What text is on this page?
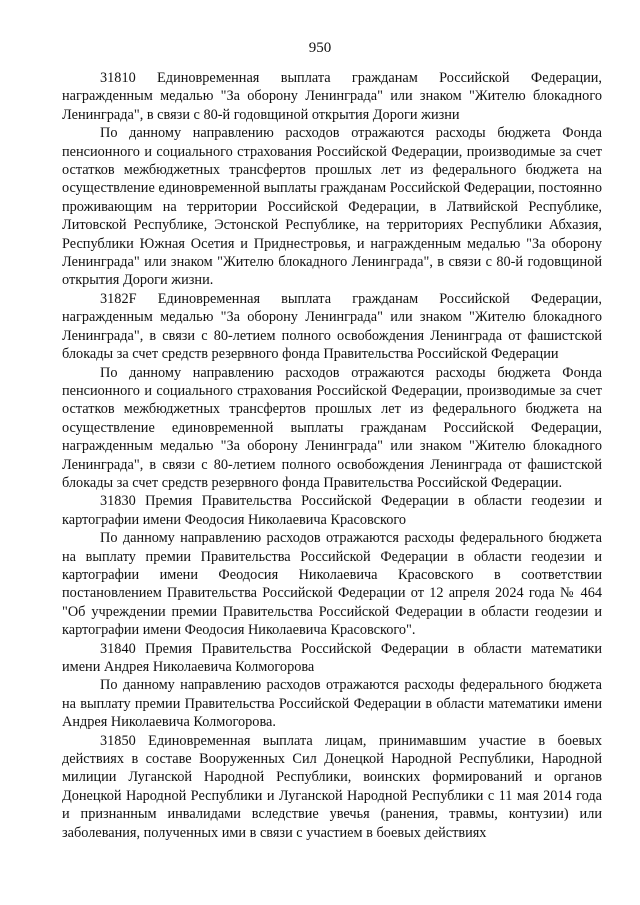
950

31810 Единовременная выплата гражданам Российской Федерации, награжденным медалью "За оборону Ленинграда" или знаком "Жителю блокадного Ленинграда", в связи с 80-й годовщиной открытия Дороги жизни

По данному направлению расходов отражаются расходы бюджета Фонда пенсионного и социального страхования Российской Федерации, производимые за счет остатков межбюджетных трансфертов прошлых лет из федерального бюджета на осуществление единовременной выплаты гражданам Российской Федерации, постоянно проживающим на территории Российской Федерации, в Латвийской Республике, Литовской Республике, Эстонской Республике, на территориях Республики Абхазия, Республики Южная Осетия и Приднестровья, и награжденным медалью "За оборону Ленинграда" или знаком "Жителю блокадного Ленинграда", в связи с 80-й годовщиной открытия Дороги жизни.

3182F Единовременная выплата гражданам Российской Федерации, награжденным медалью "За оборону Ленинграда" или знаком "Жителю блокадного Ленинграда", в связи с 80-летием полного освобождения Ленинграда от фашистской блокады за счет средств резервного фонда Правительства Российской Федерации

По данному направлению расходов отражаются расходы бюджета Фонда пенсионного и социального страхования Российской Федерации, производимые за счет остатков межбюджетных трансфертов прошлых лет из федерального бюджета на осуществление единовременной выплаты гражданам Российской Федерации, награжденным медалью "За оборону Ленинграда" или знаком "Жителю блокадного Ленинграда", в связи с 80-летием полного освобождения Ленинграда от фашистской блокады за счет средств резервного фонда Правительства Российской Федерации.

31830 Премия Правительства Российской Федерации в области геодезии и картографии имени Феодосия Николаевича Красовского

По данному направлению расходов отражаются расходы федерального бюджета на выплату премии Правительства Российской Федерации в области геодезии и картографии имени Феодосия Николаевича Красовского в соответствии постановлением Правительства Российской Федерации от 12 апреля 2024 года № 464 "Об учреждении премии Правительства Российской Федерации в области геодезии и картографии имени Феодосия Николаевича Красовского".

31840 Премия Правительства Российской Федерации в области математики имени Андрея Николаевича Колмогорова

По данному направлению расходов отражаются расходы федерального бюджета на выплату премии Правительства Российской Федерации в области математики имени Андрея Николаевича Колмогорова.

31850 Единовременная выплата лицам, принимавшим участие в боевых действиях в составе Вооруженных Сил Донецкой Народной Республики, Народной милиции Луганской Народной Республики, воинских формирований и органов Донецкой Народной Республики и Луганской Народной Республики с 11 мая 2014 года и признанным инвалидами вследствие увечья (ранения, травмы, контузии) или заболевания, полученных ими в связи с участием в боевых действиях
